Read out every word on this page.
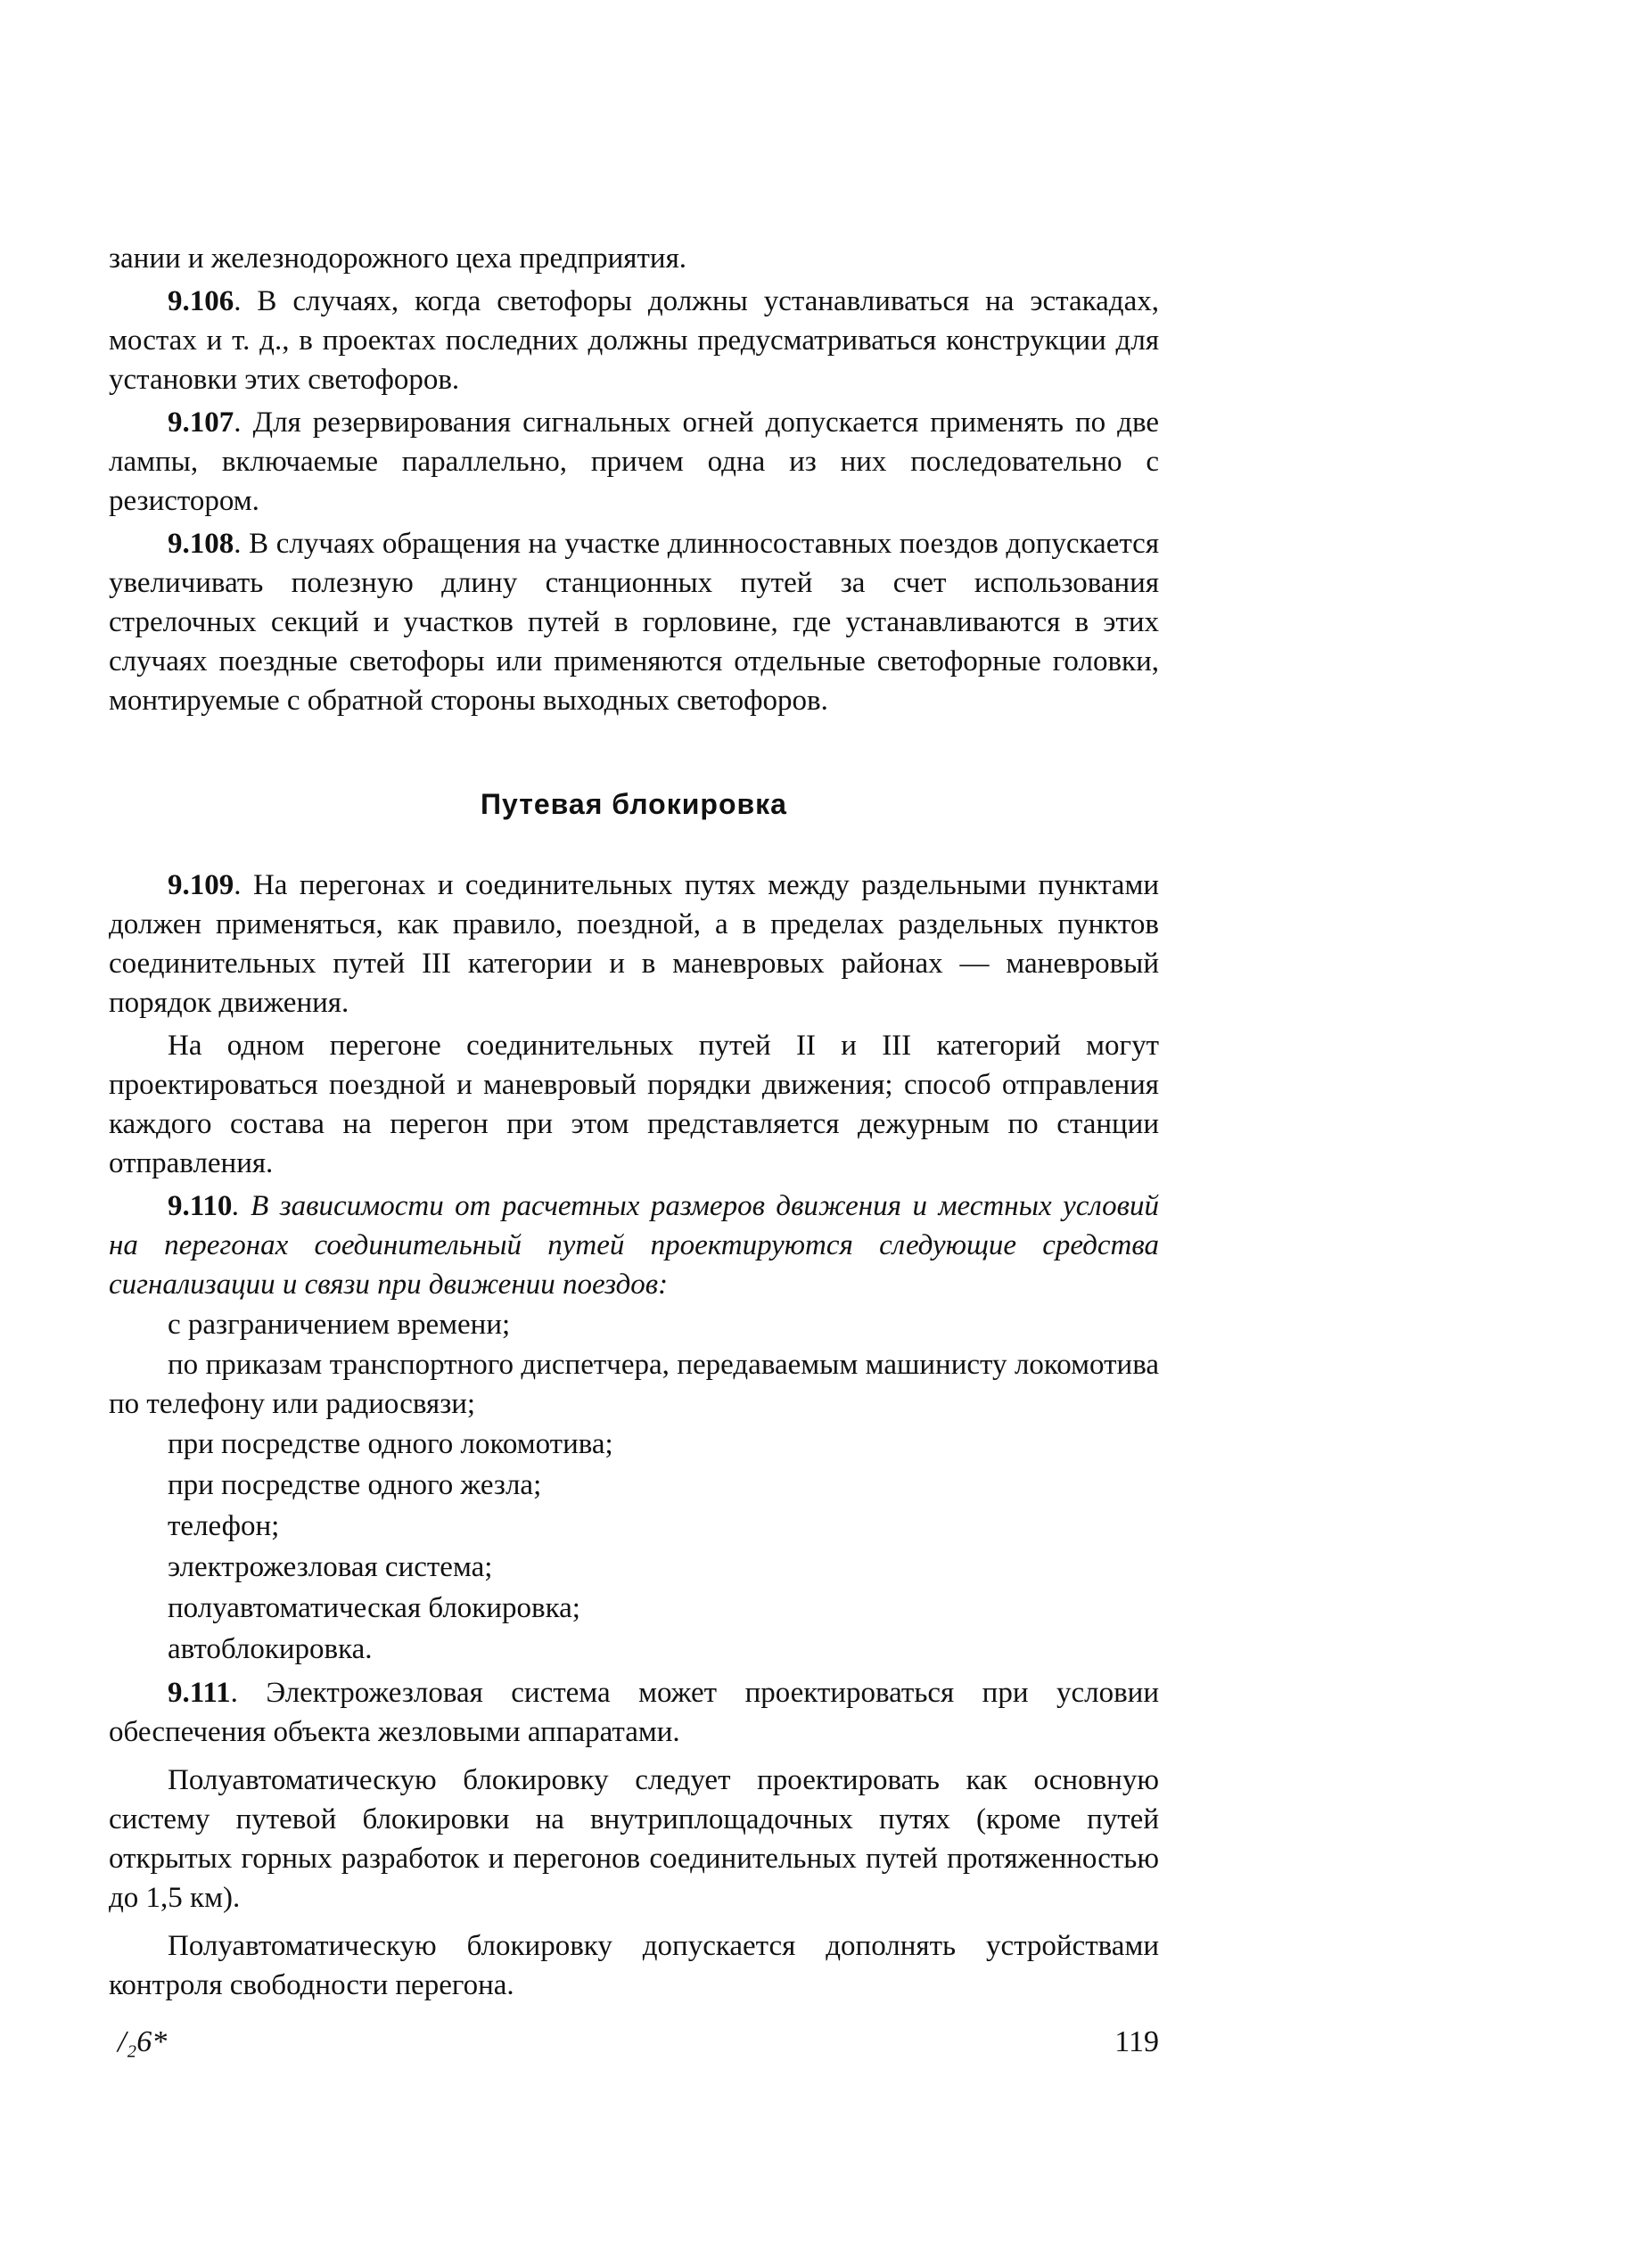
зании и железнодорожного цеха предприятия.

9.106. В случаях, когда светофоры должны устанавливаться на эстакадах, мостах и т. д., в проектах последних должны предусматриваться конструкции для установки этих светофоров.

9.107. Для резервирования сигнальных огней допускается применять по две лампы, включаемые параллельно, причем одна из них последовательно с резистором.

9.108. В случаях обращения на участке длинносоставных поездов допускается увеличивать полезную длину станционных путей за счет использования стрелочных секций и участков путей в горловине, где устанавливаются в этих случаях поездные светофоры или применяются отдельные светофорные головки, монтируемые с обратной стороны выходных светофоров.

Путевая блокировка

9.109. На перегонах и соединительных путях между раздельными пунктами должен применяться, как правило, поездной, а в пределах раздельных пунктов соединительных путей III категории и в маневровых районах — маневровый порядок движения.

На одном перегоне соединительных путей II и III категорий могут проектироваться поездной и маневровый порядки движения; способ отправления каждого состава на перегон при этом представляется дежурным по станции отправления.

9.110. В зависимости от расчетных размеров движения и местных условий на перегонах соединительный путей проектируются следующие средства сигнализации и связи при движении поездов:

с разграничением времени;

по приказам транспортного диспетчера, передаваемым машинисту локомотива по телефону или радиосвязи;

при посредстве одного локомотива;

при посредстве одного жезла;

телефон;

электрожезловая система;

полуавтоматическая блокировка;

автоблокировка.

9.111. Электрожезловая система может проектироваться при условии обеспечения объекта жезловыми аппаратами.

Полуавтоматическую блокировку следует проектировать как основную систему путевой блокировки на внутриплощадочных путях (кроме путей открытых горных разработок и перегонов соединительных путей протяженностью до 1,5 км).

Полуавтоматическую блокировку допускается дополнять устройствами контроля свободности перегона.

/₂6*	119
